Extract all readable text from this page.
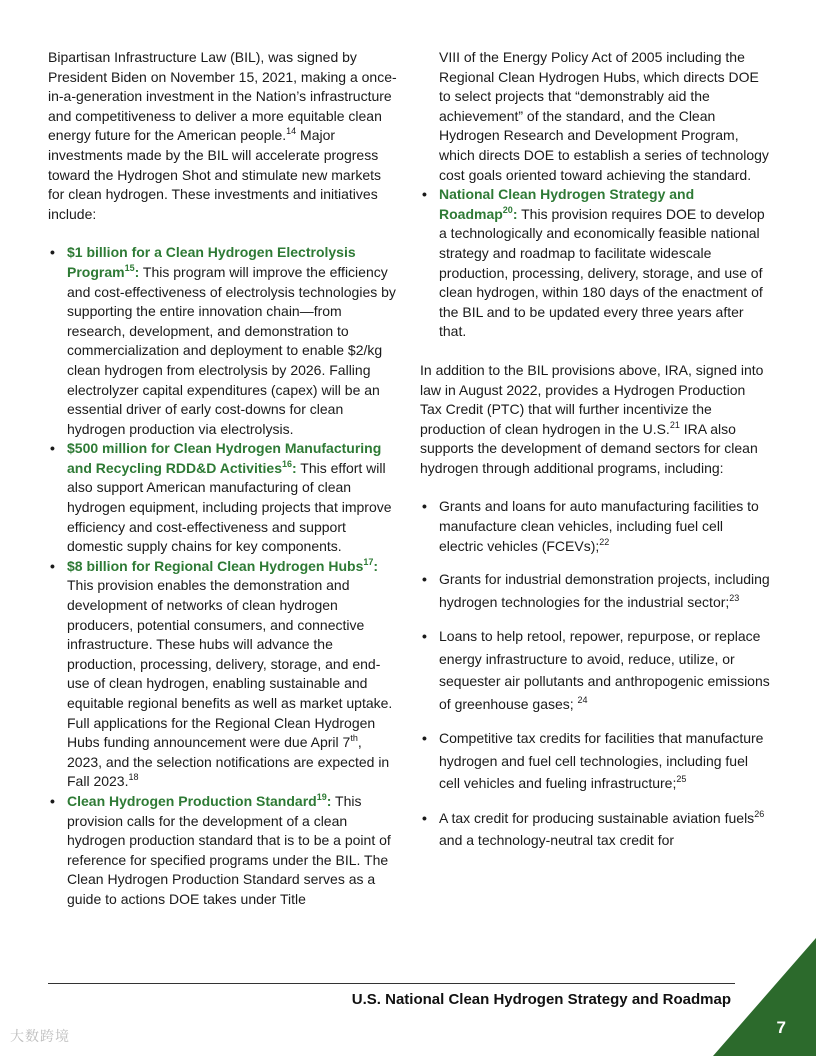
Bipartisan Infrastructure Law (BIL), was signed by President Biden on November 15, 2021, making a once-in-a-generation investment in the Nation’s infrastructure and competitiveness to deliver a more equitable clean energy future for the American people.$^{14}$ Major investments made by the BIL will accelerate progress toward the Hydrogen Shot and stimulate new markets for clean hydrogen. These investments and initiatives include:

• $1 billion for a Clean Hydrogen Electrolysis Program$^{15}$: This program will improve the efficiency and cost-effectiveness of electrolysis technologies by supporting the entire innovation chain—from research, development, and demonstration to commercialization and deployment to enable $2/kg clean hydrogen from electrolysis by 2026. Falling electrolyzer capital expenditures (capex) will be an essential driver of early cost-downs for clean hydrogen production via electrolysis.
• $500 million for Clean Hydrogen Manufacturing and Recycling RDD&D Activities$^{16}$: This effort will also support American manufacturing of clean hydrogen equipment, including projects that improve efficiency and cost-effectiveness and support domestic supply chains for key components.
• $8 billion for Regional Clean Hydrogen Hubs$^{17}$: This provision enables the demonstration and development of networks of clean hydrogen producers, potential consumers, and connective infrastructure. These hubs will advance the production, processing, delivery, storage, and end-use of clean hydrogen, enabling sustainable and equitable regional benefits as well as market uptake. Full applications for the Regional Clean Hydrogen Hubs funding announcement were due April 7th, 2023, and the selection notifications are expected in Fall 2023.18
• Clean Hydrogen Production Standard$^{19}$: This provision calls for the development of a clean hydrogen production standard that is to be a point of reference for specified programs under the BIL. The Clean Hydrogen Production Standard serves as a guide to actions DOE takes under Title

VIII of the Energy Policy Act of 2005 including the Regional Clean Hydrogen Hubs, which directs DOE to select projects that “demonstrably aid the achievement” of the standard, and the Clean Hydrogen Research and Development Program, which directs DOE to establish a series of technology cost goals oriented toward achieving the standard.

• National Clean Hydrogen Strategy and Roadmap$^{20}$: This provision requires DOE to develop a technologically and economically feasible national strategy and roadmap to facilitate widescale production, processing, delivery, storage, and use of clean hydrogen, within 180 days of the enactment of the BIL and to be updated every three years after that.

In addition to the BIL provisions above, IRA, signed into law in August 2022, provides a Hydrogen Production Tax Credit (PTC) that will further incentivize the production of clean hydrogen in the U.S.$^{21}$ IRA also supports the development of demand sectors for clean hydrogen through additional programs, including:

• Grants and loans for auto manufacturing facilities to manufacture clean vehicles, including fuel cell electric vehicles (FCEVs);$^{22}$
• Grants for industrial demonstration projects, including hydrogen technologies for the industrial sector;$^{23}$
• Loans to help retool, repower, repurpose, or replace energy infrastructure to avoid, reduce, utilize, or sequester air pollutants and anthropogenic emissions of greenhouse gases; $^{24}$
• Competitive tax credits for facilities that manufacture hydrogen and fuel cell technologies, including fuel cell vehicles and fueling infrastructure;$^{25}$
• A tax credit for producing sustainable aviation fuels$^{26}$ and a technology-neutral tax credit for
U.S. National Clean Hydrogen Strategy and Roadmap
7
大数跨境
